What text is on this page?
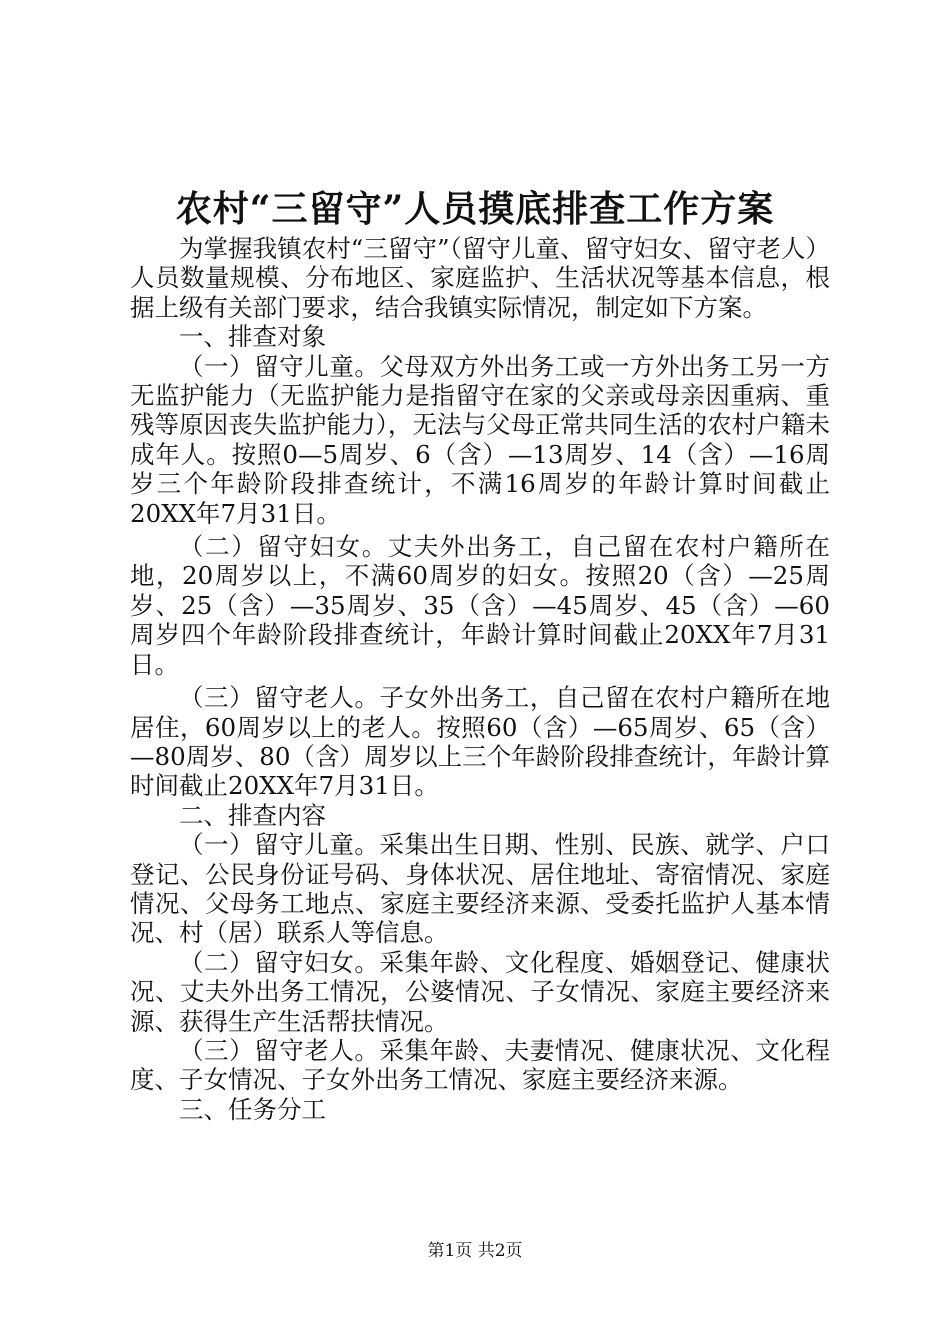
农村“三留守”人员摸底排查工作方案

为掌握我镇农村“三留守”（留守儿童、留守妇女、留守老人）人员数量规模、分布地区、家庭监护、生活状况等基本信息，根据上级有关部门要求，结合我镇实际情况，制定如下方案。

一、排查对象

（一）留守儿童。父母双方外出务工或一方外出务工另一方无监护能力（无监护能力是指留守在家的父亲或母亲因重病、重残等原因丧失监护能力），无法与父母正常共同生活的农村户籍未成年人。按照0—5周岁、6（含）—13周岁、14（含）—16周岁三个年龄阶段排查统计，不满16周岁的年龄计算时间截止20XX年7月31日。

（二）留守妇女。丈夫外出务工，自己留在农村户籍所在地，20周岁以上，不满60周岁的妇女。按照20（含）—25周岁、25（含）—35周岁、35（含）—45周岁、45（含）—60周岁四个年龄阶段排查统计，年龄计算时间截止20XX年7月31日。

（三）留守老人。子女外出务工，自己留在农村户籍所在地居住，60周岁以上的老人。按照60（含）—65周岁、65（含）—80周岁、80（含）周岁以上三个年龄阶段排查统计，年龄计算时间截止20XX年7月31日。

二、排查内容

（一）留守儿童。采集出生日期、性别、民族、就学、户口登记、公民身份证号码、身体状况、居住地址、寄宿情况、家庭情况、父母务工地点、家庭主要经济来源、受委托监护人基本情况、村（居）联系人等信息。

（二）留守妇女。采集年龄、文化程度、婚姻登记、健康状况、丈夫外出务工情况，公婆情况、子女情况、家庭主要经济来源、获得生产生活帮扶情况。

（三）留守老人。采集年龄、夫妻情况、健康状况、文化程度、子女情况、子女外出务工情况、家庭主要经济来源。

三、任务分工

第1页 共2页
